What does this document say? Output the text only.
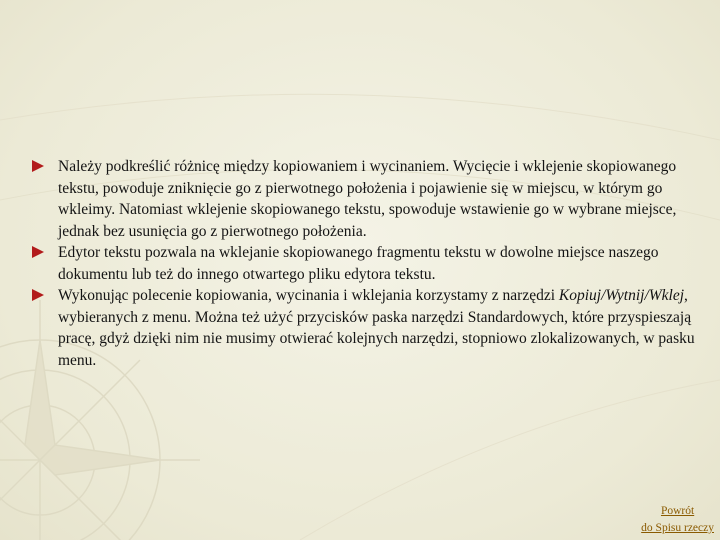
Należy podkreślić różnicę między kopiowaniem i wycinaniem. Wycięcie i wklejenie skopiowanego tekstu, powoduje zniknięcie go z pierwotnego położenia i pojawienie się w miejscu, w którym go wkleimy. Natomiast wklejenie skopiowanego tekstu, spowoduje wstawienie go w wybrane miejsce, jednak bez usunięcia go z pierwotnego położenia.
Edytor tekstu pozwala na wklejanie skopiowanego fragmentu tekstu w dowolne miejsce naszego dokumentu lub też do innego otwartego pliku edytora tekstu.
Wykonując polecenie kopiowania, wycinania i wklejania korzystamy z narzędzi Kopiuj/Wytnij/Wklej, wybieranych z menu. Można też użyć przycisków paska narzędzi Standardowych, które przyspieszają pracę, gdyż dzięki nim nie musimy otwierać kolejnych narzędzi, stopniowo zlokalizowanych, w pasku menu.
Powrót
do Spisu rzeczy
